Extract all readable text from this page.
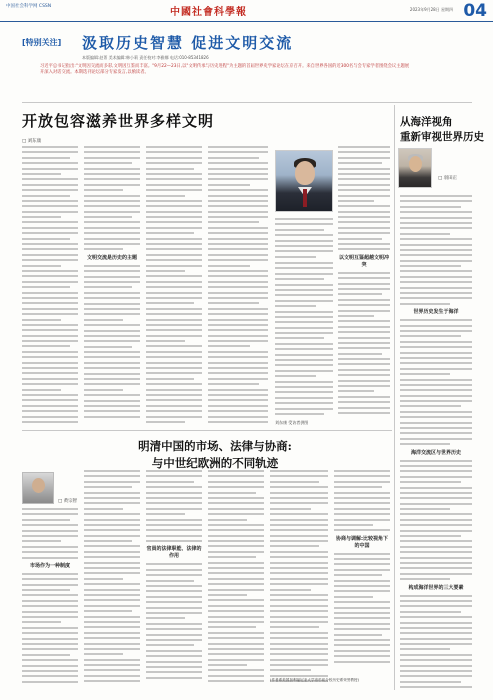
中国社会科学网 CSSN
中國社會科學報	2023年9月28日 星期四 04
[特别关注] 汲取历史智慧 促进文明交流
本版编辑:赵菁 美术编辑:韩小莉 责任校对:李雅娜 电话:010-85341826
习近平总书记指出:"文明因交流而多彩,文明因互鉴而丰富。"9月22—23日,以"文明传承与历史进程"为主题的首届世界史学家论坛在京召开。来自世界各国的近300名与会专家学者围绕会议主题展开深入对话交流。本期选刊论坛部分专家发言,以飨读者。
开放包容滋养世界多样文明
□ 刘东康
文明交流是历史的主题	以文明互鉴超越文明冲突
刘东康 受访者供图
从海洋视角
重新审视世界历史
□ 羽田正
世界历史发生于海洋
海洋交流区与世界历史
构成海洋世界的三大要素
明清中国的市场、法律与协商:
与中世纪欧洲的不同轨迹
□ 黄宗智
市场作为一种制度
官員的法律职能、法律的作用
协商与调解:比较视角下的中国
(作者系美国加利福尼亚大学洛杉矶分校历史系荣誉教授)
